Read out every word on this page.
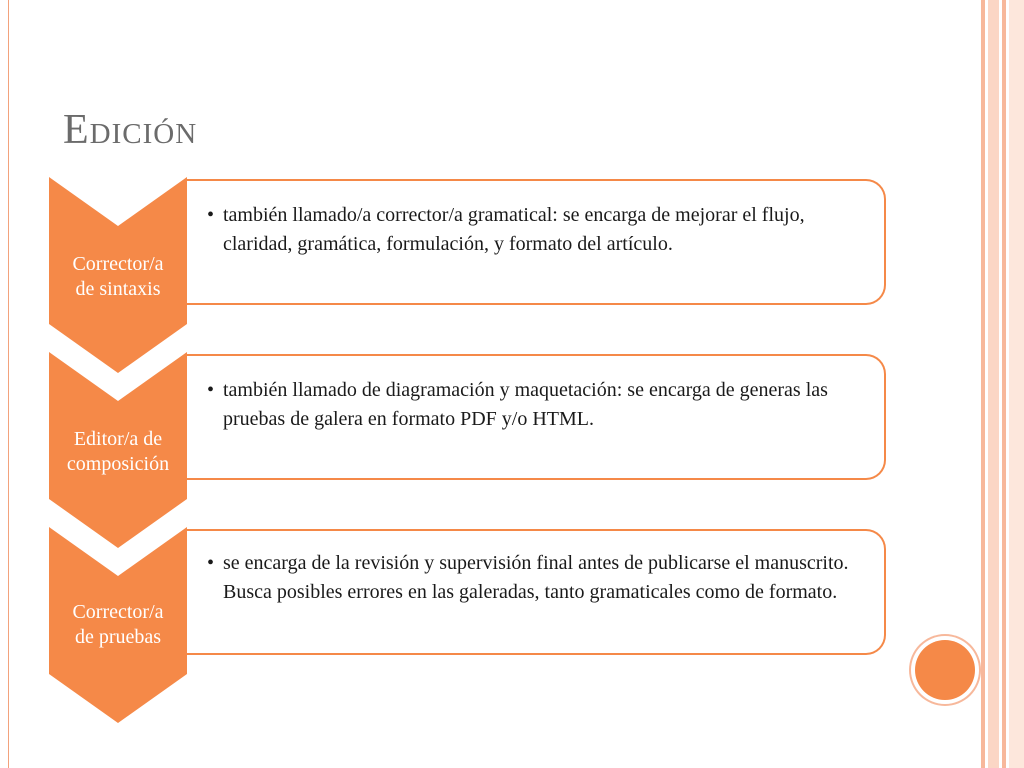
Edición
Corrector/a
de sintaxis
• también llamado/a corrector/a gramatical: se encarga de mejorar el flujo, claridad, gramática, formulación, y formato del artículo.
Editor/a de
composición
• también llamado de diagramación y maquetación: se encarga de generas las pruebas de galera en formato PDF y/o HTML.
Corrector/a
de pruebas
• se encarga de la revisión y supervisión final antes de publicarse el manuscrito. Busca posibles errores en las galeradas, tanto gramaticales como de formato.
